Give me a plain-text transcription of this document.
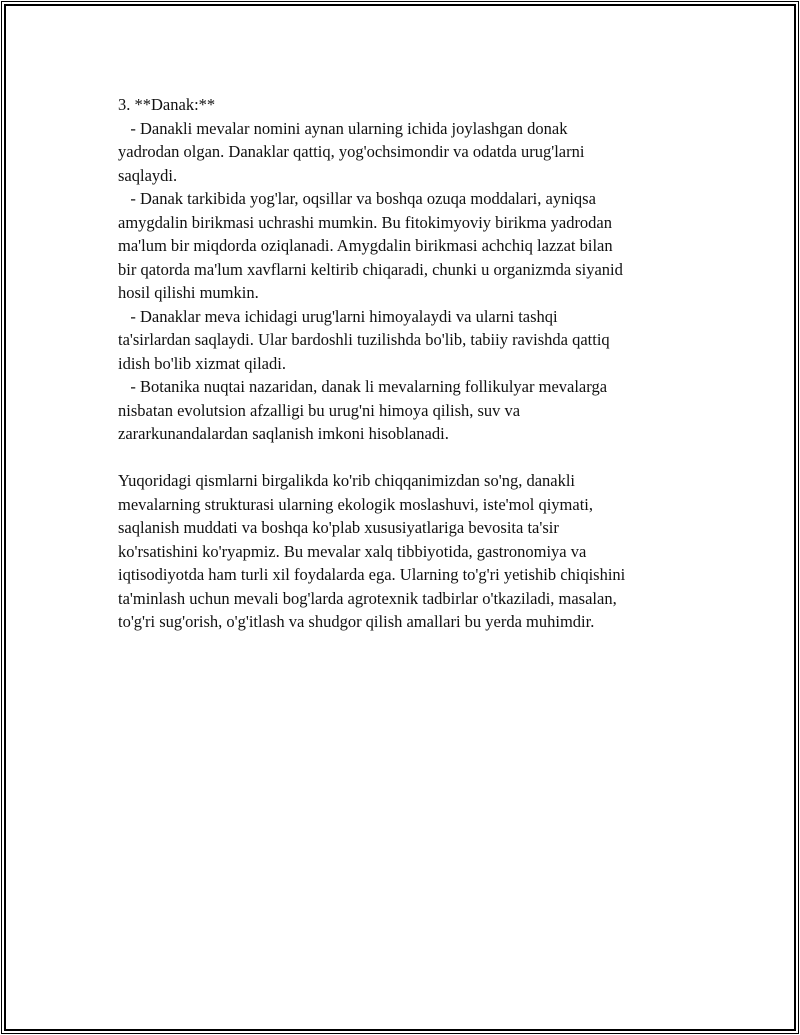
3. **Danak:**
- Danakli mevalar nomini aynan ularning ichida joylashgan donak
yadrodan olgan. Danaklar qattiq, yog'ochsimondir va odatda urug'larni
saqlaydi.
- Danak tarkibida yog'lar, oqsillar va boshqa ozuqa moddalari, ayniqsa
amygdalin birikmasi uchrashi mumkin. Bu fitokimyoviy birikma yadrodan
ma'lum bir miqdorda oziqlanadi. Amygdalin birikmasi achchiq lazzat bilan
bir qatorda ma'lum xavflarni keltirib chiqaradi, chunki u organizmda siyanid
hosil qilishi mumkin.
- Danaklar meva ichidagi urug'larni himoyalaydi va ularni tashqi
ta'sirlardan saqlaydi. Ular bardoshli tuzilishda bo'lib, tabiiy ravishda qattiq
idish bo'lib xizmat qiladi.
- Botanika nuqtai nazaridan, danak li mevalarning follikulyar mevalarga
nisbatan evolutsion afzalligi bu urug'ni himoya qilish, suv va
zararkunandalardan saqlanish imkoni hisoblanadi.
Yuqoridagi qismlarni birgalikda ko'rib chiqqanimizdan so'ng, danakli
mevalarning strukturasi ularning ekologik moslashuvi, iste'mol qiymati,
saqlanish muddati va boshqa ko'plab xususiyatlariga bevosita ta'sir
ko'rsatishini ko'ryapmiz. Bu mevalar xalq tibbiyotida, gastronomiya va
iqtisodiyotda ham turli xil foydalarda ega. Ularning to'g'ri yetishib chiqishini
ta'minlash uchun mevali bog'larda agrotexnik tadbirlar o'tkaziladi, masalan,
to'g'ri sug'orish, o'g'itlash va shudgor qilish amallari bu yerda muhimdir.
